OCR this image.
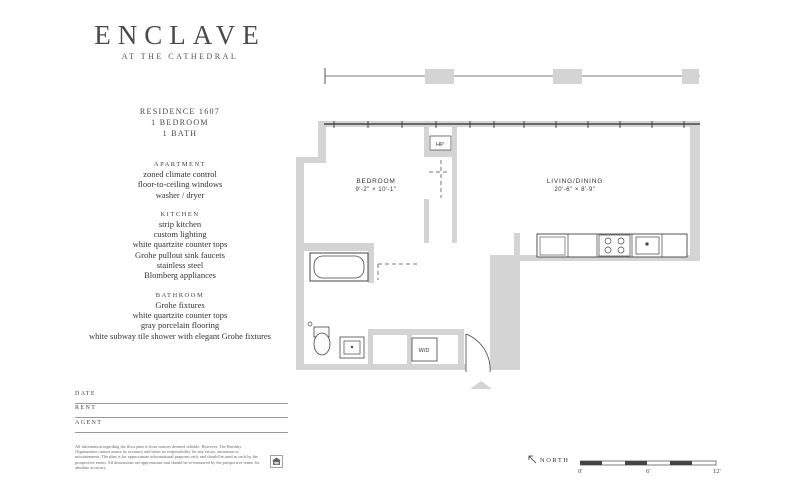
ENCLAVE
AT THE CATHEDRAL
RESIDENCE 1607
1 BEDROOM
1 BATH
APARTMENT
zoned climate control
floor-to-ceiling windows
washer / dryer
KITCHEN
strip kitchen
custom lighting
white quartzite counter tops
Grohe pullout sink faucets
stainless steel
Blomberg appliances
BATHROOM
Grohe fixtures
white quartzite counter tops
gray porcelain flooring
white subway tile shower with elegant Grohe fixtures
DATE
RENT
AGENT
All information regarding the floor plan is from sources deemed reliable. However, The Brodsky Organization cannot assure its accuracy and bears no responsibility for any errors, omissions or misstatements. The plan is for approximate informational purposes only and should be used as such by the prospective renter. All dimensions are approximate and should be re-measured by the prospective renter for absolute accuracy.
BEDROOM
9'-2" × 10'-1"
LIVING/DINING
20'-6" × 8'-9"
HP
W/D
NORTH
0'	6'	12'
